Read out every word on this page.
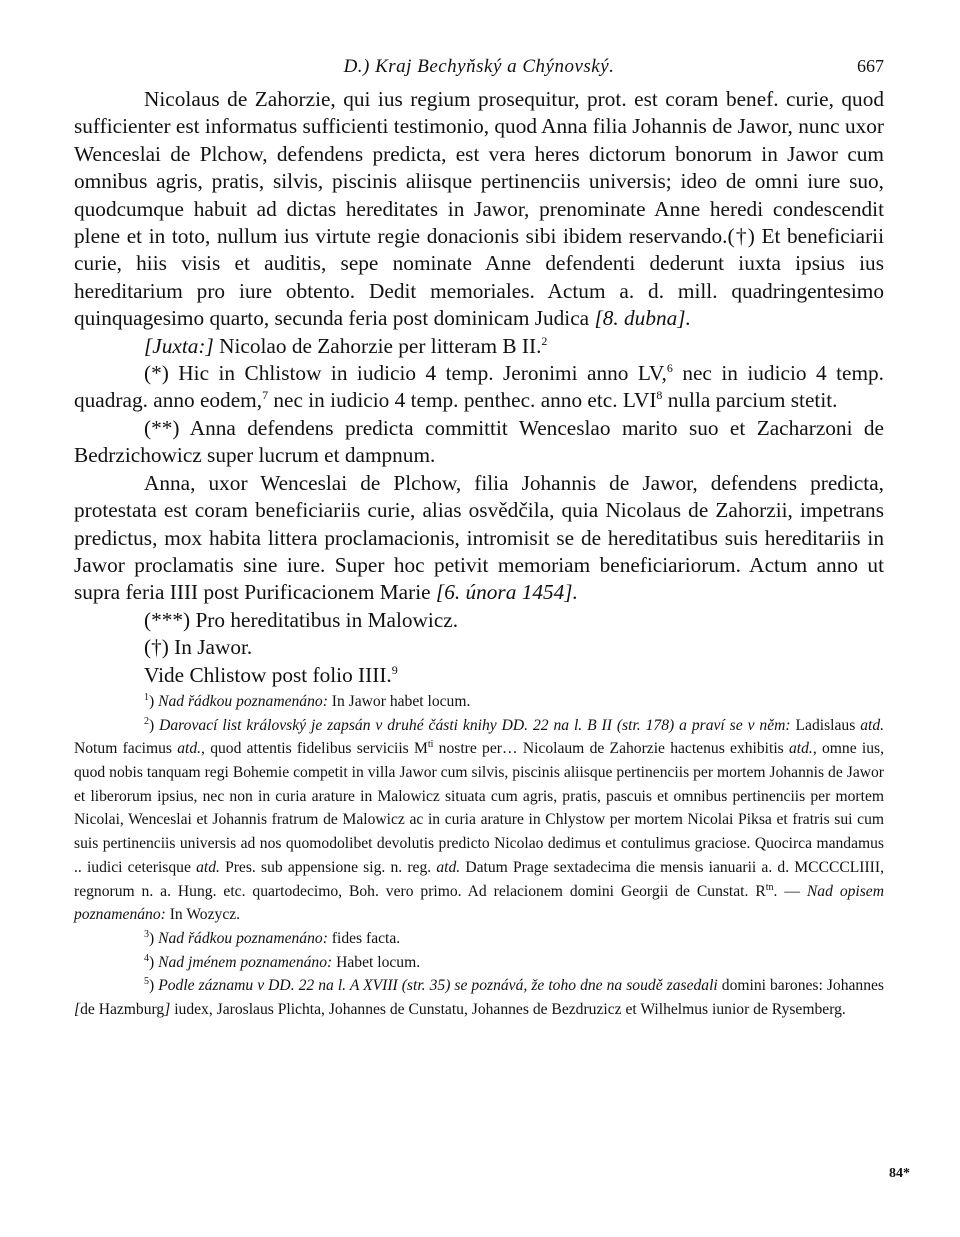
D.) Kraj Bechyňský a Chýnovský.	667

Nicolaus de Zahorzie, qui ius regium prosequitur, prot. est coram benef. curie, quod sufficienter est informatus sufficienti testimonio, quod Anna filia Johannis de Jawor, nunc uxor Wenceslai de Plchow, defendens predicta, est vera heres dictorum bonorum in Jawor cum omnibus agris, pratis, silvis, piscinis aliisque pertinenciis universis; ideo de omni iure suo, quodcumque habuit ad dictas hereditates in Jawor, prenominate Anne heredi condescendit plene et in toto, nullum ius virtute regie donacionis sibi ibidem reservando.(†) Et beneficiarii curie, hiis visis et auditis, sepe nominate Anne defendenti dederunt iuxta ipsius ius hereditarium pro iure obtento. Dedit memoriales. Actum a. d. mill. quadringentesimo quinquagesimo quarto, secunda feria post dominicam Judica [8. dubna].

[Juxta:] Nicolao de Zahorzie per litteram B II.$^2$

(*) Hic in Chlistow in iudicio 4 temp. Jeronimi anno LV,$^6$ nec in iudicio 4 temp. quadrag. anno eodem,$^7$ nec in iudicio 4 temp. penthec. anno etc. LVI$^8$ nulla parcium stetit.

(**) Anna defendens predicta committit Wenceslao marito suo et Zacharzoni de Bedrzichowicz super lucrum et dampnum.

Anna, uxor Wenceslai de Plchow, filia Johannis de Jawor, defendens predicta, protestata est coram beneficiariis curie, alias osvědčila, quia Nicolaus de Zahorzii, impetrans predictus, mox habita littera proclamacionis, intromisit se de hereditatibus suis hereditariis in Jawor proclamatis sine iure. Super hoc petivit memoriam beneficiariorum. Actum anno ut supra feria IIII post Purificacionem Marie [6. února 1454].

(***) Pro hereditatibus in Malowicz.

(†) In Jawor.

Vide Chlistow post folio IIII.$^9$

$^1$) Nad řádkou poznamenáno: In Jawor habet locum.

$^2$) Darovací list královský je zapsán v druhé části knihy DD. 22 na l. B II (str. 178) a praví se v něm: Ladislaus atd. Notum facimus atd., quod attentis fidelibus serviciis $M^{ti}$ nostre per… Nicolaum de Zahorzie hactenus exhibitis atd., omne ius, quod nobis tanquam regi Bohemie competit in villa Jawor cum silvis, piscinis aliisque pertinenciis per mortem Johannis de Jawor et liberorum ipsius, nec non in curia arature in Malowicz situata cum agris, pratis, pascuis et omnibus pertinenciis per mortem Nicolai, Wenceslai et Johannis fratrum de Malowicz ac in curia arature in Chlystow per mortem Nicolai Piksa et fratris sui cum suis pertinenciis universis ad nos quomodolibet devolutis predicto Nicolao dedimus et contulimus graciose. Quocirca mandamus .. iudici ceterisque atd. Pres. sub appensione sig. n. reg. atd. Datum Prage sextadecima die mensis ianuarii a. d. MCCCCLIIII, regnorum n. a. Hung. etc. quartodecimo, Boh. vero primo. Ad relacionem domini Georgii de Cunstat. $R^{tn}$. — Nad opisem poznamenáno: In Wozycz.

$^3$) Nad řádkou poznamenáno: fides facta.

$^4$) Nad jménem poznamenáno: Habet locum.

$^5$) Podle záznamu v DD. 22 na l. A XVIII (str. 35) se poznává, že toho dne na soudě zasedali domini barones: Johannes [de Hazmburg] iudex, Jaroslaus Plichta, Johannes de Cunstatu, Johannes de Bezdruzicz et Wilhelmus iunior de Rysemberg.

84*
